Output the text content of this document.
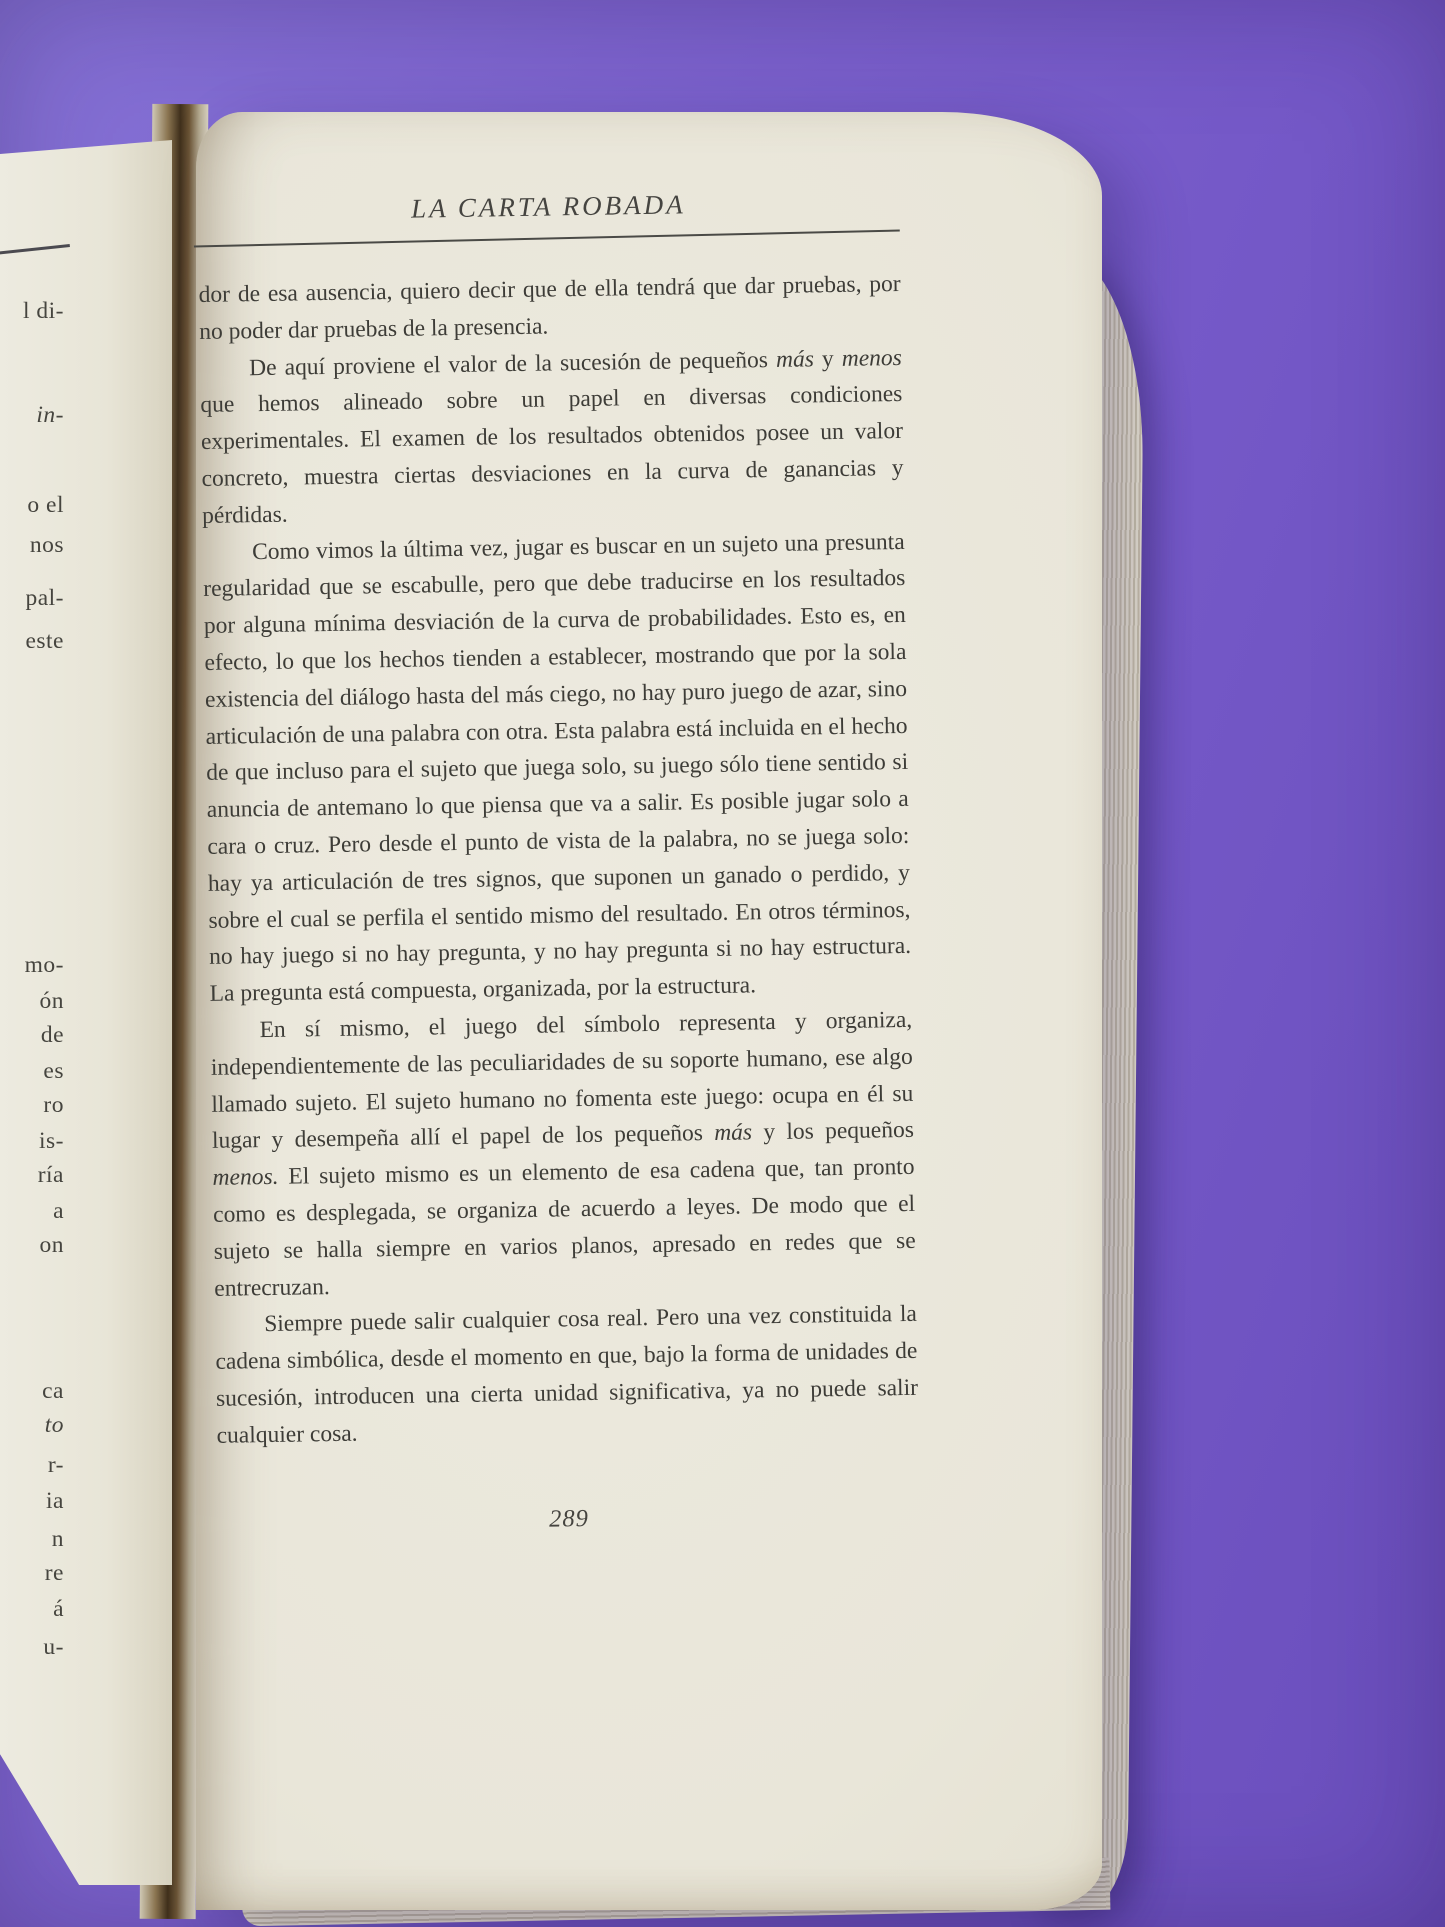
l di-
in-
o el
nos
pal-
este
mo-
ón
de
es
ro
is-
ría
a
on
ca
to
r-
ia
n
re
á
u-
LA CARTA ROBADA

dor de esa ausencia, quiero decir que de ella tendrá que dar pruebas, por no poder dar pruebas de la presencia.

De aquí proviene el valor de la sucesión de pequeños más y menos que hemos alineado sobre un papel en diversas condiciones experimentales. El examen de los resultados obtenidos posee un valor concreto, muestra ciertas desviaciones en la curva de ganancias y pérdidas.

Como vimos la última vez, jugar es buscar en un sujeto una presunta regularidad que se escabulle, pero que debe traducirse en los resultados por alguna mínima desviación de la curva de probabilidades. Esto es, en efecto, lo que los hechos tienden a establecer, mostrando que por la sola existencia del diálogo hasta del más ciego, no hay puro juego de azar, sino articulación de una palabra con otra. Esta palabra está incluida en el hecho de que incluso para el sujeto que juega solo, su juego sólo tiene sentido si anuncia de antemano lo que piensa que va a salir. Es posible jugar solo a cara o cruz. Pero desde el punto de vista de la palabra, no se juega solo: hay ya articulación de tres signos, que suponen un ganado o perdido, y sobre el cual se perfila el sentido mismo del resultado. En otros términos, no hay juego si no hay pregunta, y no hay pregunta si no hay estructura. La pregunta está compuesta, organizada, por la estructura.

En sí mismo, el juego del símbolo representa y organiza, independientemente de las peculiaridades de su soporte humano, ese algo llamado sujeto. El sujeto humano no fomenta este juego: ocupa en él su lugar y desempeña allí el papel de los pequeños más y los pequeños menos. El sujeto mismo es un elemento de esa cadena que, tan pronto como es desplegada, se organiza de acuerdo a leyes. De modo que el sujeto se halla siempre en varios planos, apresado en redes que se entrecruzan.

Siempre puede salir cualquier cosa real. Pero una vez constituida la cadena simbólica, desde el momento en que, bajo la forma de unidades de sucesión, introducen una cierta unidad significativa, ya no puede salir cualquier cosa.

289
